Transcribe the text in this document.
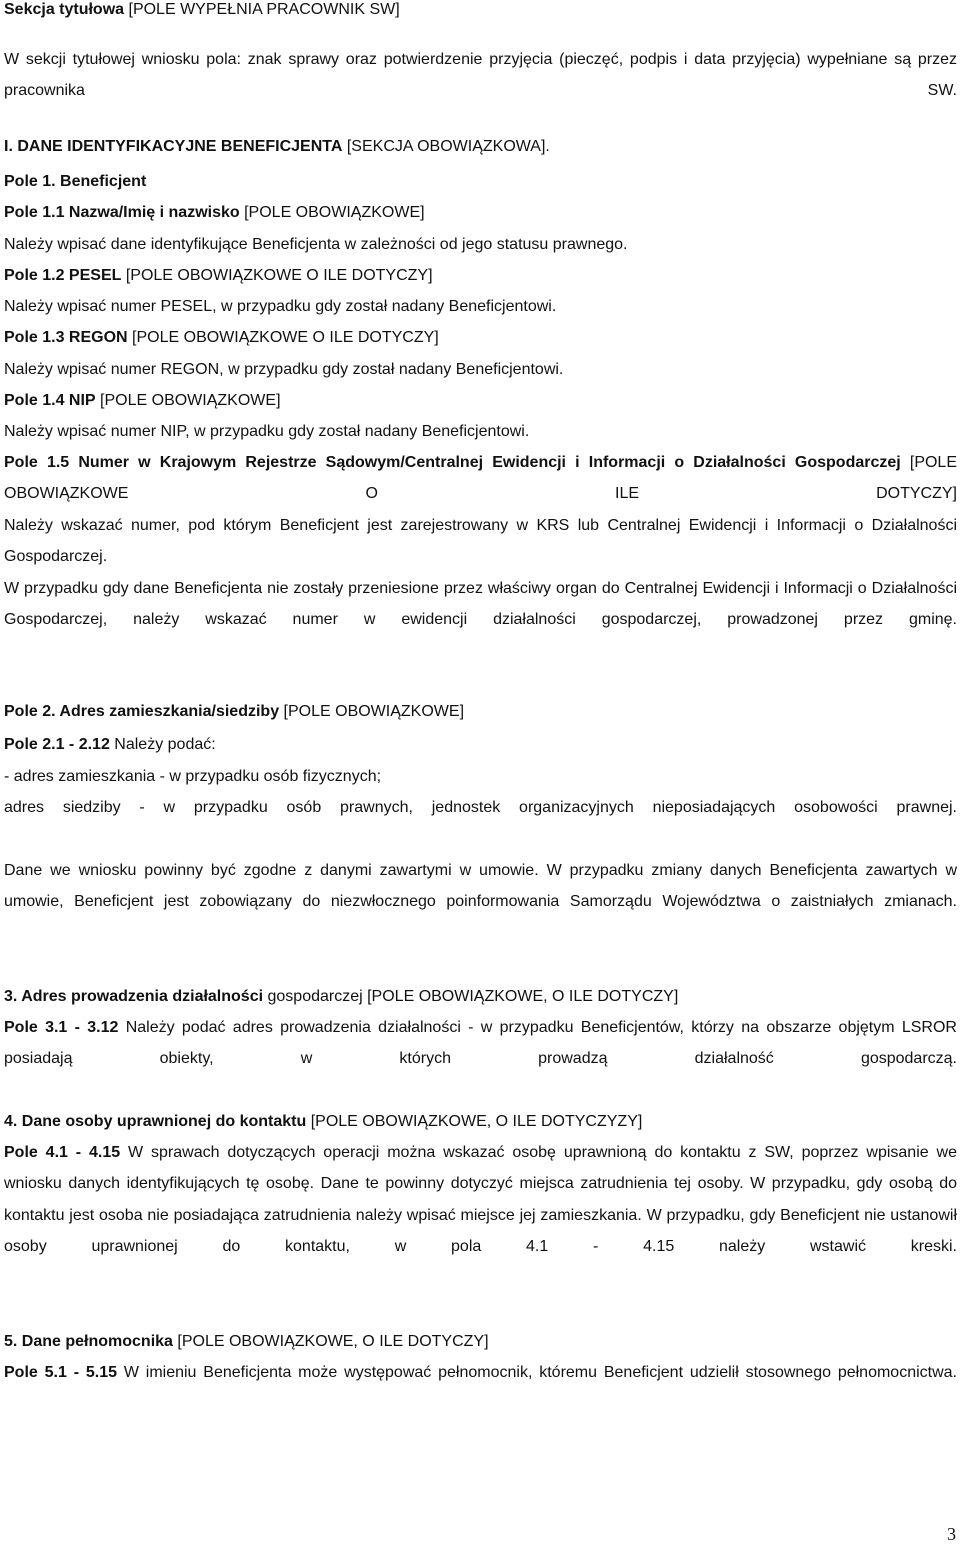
Sekcja tytułowa [POLE WYPEŁNIA PRACOWNIK SW]

W sekcji tytułowej wniosku pola: znak sprawy oraz potwierdzenie przyjęcia (pieczęć, podpis i data przyjęcia) wypełniane są przez pracownika SW.

I. DANE IDENTYFIKACYJNE BENEFICJENTA [SEKCJA OBOWIĄZKOWA].

Pole 1. Beneficjent

Pole 1.1 Nazwa/Imię i nazwisko [POLE OBOWIĄZKOWE]

Należy wpisać dane identyfikujące Beneficjenta w zależności od jego statusu prawnego.

Pole 1.2 PESEL [POLE OBOWIĄZKOWE O ILE DOTYCZY]

Należy wpisać numer PESEL, w przypadku gdy został nadany Beneficjentowi.

Pole 1.3 REGON [POLE OBOWIĄZKOWE O ILE DOTYCZY]

Należy wpisać numer REGON, w przypadku gdy został nadany Beneficjentowi.

Pole 1.4 NIP [POLE OBOWIĄZKOWE]

Należy wpisać numer NIP, w przypadku gdy został nadany Beneficjentowi.

Pole 1.5 Numer w Krajowym Rejestrze Sądowym/Centralnej Ewidencji i Informacji o Działalności Gospodarczej [POLE OBOWIĄZKOWE O ILE DOTYCZY]

Należy wskazać numer, pod którym Beneficjent jest zarejestrowany w KRS lub Centralnej Ewidencji i Informacji o Działalności Gospodarczej.

W przypadku gdy dane Beneficjenta nie zostały przeniesione przez właściwy organ do Centralnej Ewidencji i Informacji o Działalności Gospodarczej, należy wskazać numer w ewidencji działalności gospodarczej, prowadzonej przez gminę.

Pole 2. Adres zamieszkania/siedziby [POLE OBOWIĄZKOWE]

Pole 2.1 - 2.12 Należy podać:

- adres zamieszkania - w przypadku osób fizycznych;

adres siedziby - w przypadku osób prawnych, jednostek organizacyjnych nieposiadających osobowości prawnej.

Dane we wniosku powinny być zgodne z danymi zawartymi w umowie. W przypadku zmiany danych Beneficjenta zawartych w umowie, Beneficjent jest zobowiązany do niezwłocznego poinformowania Samorządu Województwa o zaistniałych zmianach.

3. Adres prowadzenia działalności gospodarczej [POLE OBOWIĄZKOWE, O ILE DOTYCZY]

Pole 3.1 - 3.12 Należy podać adres prowadzenia działalności - w przypadku Beneficjentów, którzy na obszarze objętym LSROR posiadają obiekty, w których prowadzą działalność gospodarczą.

4. Dane osoby uprawnionej do kontaktu [POLE OBOWIĄZKOWE, O ILE DOTYCZYZY]

Pole 4.1 - 4.15 W sprawach dotyczących operacji można wskazać osobę uprawnioną do kontaktu z SW, poprzez wpisanie we wniosku danych identyfikujących tę osobę. Dane te powinny dotyczyć miejsca zatrudnienia tej osoby. W przypadku, gdy osobą do kontaktu jest osoba nie posiadająca zatrudnienia należy wpisać miejsce jej zamieszkania. W przypadku, gdy Beneficjent nie ustanowił osoby uprawnionej do kontaktu, w pola 4.1 - 4.15 należy wstawić kreski.

5. Dane pełnomocnika [POLE OBOWIĄZKOWE, O ILE DOTYCZY]

Pole 5.1 - 5.15 W imieniu Beneficjenta może występować pełnomocnik, któremu Beneficjent udzielił stosownego pełnomocnictwa.

3
